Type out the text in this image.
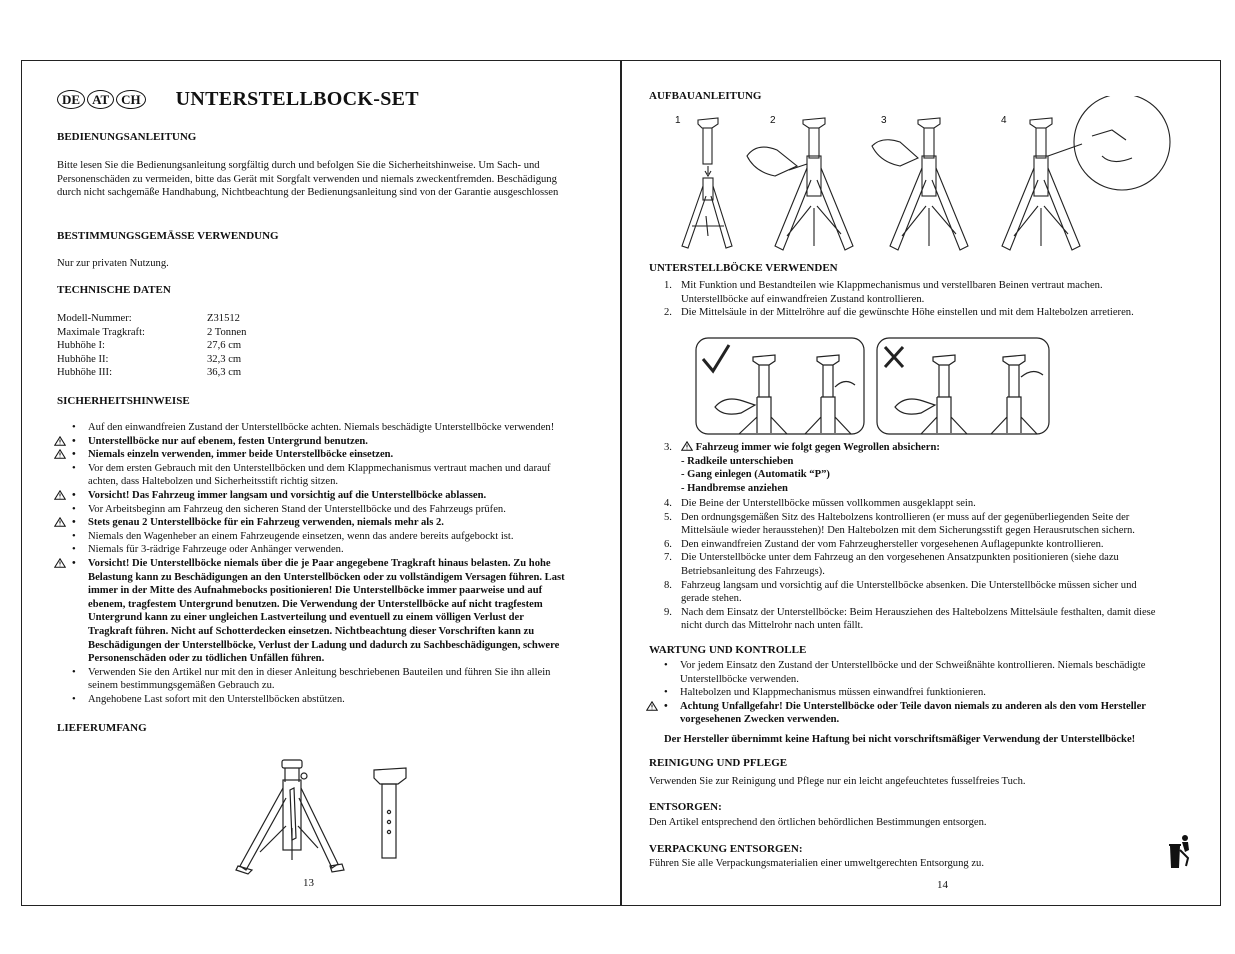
DE AT CH UNTERSTELLBOCK-SET
BEDIENUNGSANLEITUNG
Bitte lesen Sie die Bedienungsanleitung sorgfältig durch und befolgen Sie die Sicherheitshinweise. Um Sach- und
Personenschäden zu vermeiden, bitte das Gerät mit Sorgfalt verwenden und niemals zweckentfremden. Beschädigung
durch nicht sachgemäße Handhabung, Nichtbeachtung der Bedienungsanleitung sind von der Garantie ausgeschlossen
BESTIMMUNGSGEMÄSSE VERWENDUNG
Nur zur privaten Nutzung.
TECHNISCHE DATEN
Modell-Nummer:	Z31512
Maximale Tragkraft:	2 Tonnen
Hubhöhe I:	27,6 cm
Hubhöhe II:	32,3 cm
Hubhöhe III:	36,3 cm
SICHERHEITSHINWEISE
• Auf den einwandfreien Zustand der Unterstellböcke achten. Niemals beschädigte Unterstellböcke verwenden!
• Unterstellböcke nur auf ebenem, festen Untergrund benutzen.
• Niemals einzeln verwenden, immer beide Unterstellböcke einsetzen.
• Vor dem ersten Gebrauch mit den Unterstellböcken und dem Klappmechanismus vertraut machen und darauf
achten, dass Haltebolzen und Sicherheitsstift richtig sitzen.
• Vorsicht! Das Fahrzeug immer langsam und vorsichtig auf die Unterstellböcke ablassen.
• Vor Arbeitsbeginn am Fahrzeug den sicheren Stand der Unterstellböcke und des Fahrzeugs prüfen.
• Stets genau 2 Unterstellböcke für ein Fahrzeug verwenden, niemals mehr als 2.
• Niemals den Wagenheber an einem Fahrzeugende einsetzen, wenn das andere bereits aufgebockt ist.
• Niemals für 3-rädrige Fahrzeuge oder Anhänger verwenden.
• Vorsicht! Die Unterstellböcke niemals über die je Paar angegebene Tragkraft hinaus belasten. Zu hohe
Belastung kann zu Beschädigungen an den Unterstellböcken oder zu vollständigem Versagen führen. Last
immer in der Mitte des Aufnahmebocks positionieren! Die Unterstellböcke immer paarweise und auf
ebenem, tragfestem Untergrund benutzen. Die Verwendung der Unterstellböcke auf nicht tragfestem
Untergrund kann zu einer ungleichen Lastverteilung und eventuell zu einem völligen Verlust der
Tragkraft führen. Nicht auf Schotterdecken einsetzen. Nichtbeachtung dieser Vorschriften kann zu
Beschädigungen der Unterstellböcke, Verlust der Ladung und dadurch zu Sachbeschädigungen, schwere
Personenschäden oder zu tödlichen Unfällen führen.
• Verwenden Sie den Artikel nur mit den in dieser Anleitung beschriebenen Bauteilen und führen Sie ihn allein
seinem bestimmungsgemäßen Gebrauch zu.
• Angehobene Last sofort mit den Unterstellböcken abstützen.
LIEFERUMFANG
13
AUFBAUANLEITUNG
1	2	3	4
UNTERSTELLBÖCKE VERWENDEN
1. Mit Funktion und Bestandteilen wie Klappmechanismus und verstellbaren Beinen vertraut machen.
Unterstellböcke auf einwandfreien Zustand kontrollieren.
2. Die Mittelsäule in der Mittelröhre auf die gewünschte Höhe einstellen und mit dem Haltebolzen arretieren.
3. Fahrzeug immer wie folgt gegen Wegrollen absichern:
- Radkeile unterschieben
- Gang einlegen (Automatik “P”)
- Handbremse anziehen
4. Die Beine der Unterstellböcke müssen vollkommen ausgeklappt sein.
5. Den ordnungsgemäßen Sitz des Haltebolzens kontrollieren (er muss auf der gegenüberliegenden Seite der
Mittelsäule wieder herausstehen)! Den Haltebolzen mit dem Sicherungsstift gegen Herausrutschen sichern.
6. Den einwandfreien Zustand der vom Fahrzeughersteller vorgesehenen Auflagepunkte kontrollieren.
7. Die Unterstellböcke unter dem Fahrzeug an den vorgesehenen Ansatzpunkten positionieren (siehe dazu
Betriebsanleitung des Fahrzeugs).
8. Fahrzeug langsam und vorsichtig auf die Unterstellböcke absenken. Die Unterstellböcke müssen sicher und
gerade stehen.
9. Nach dem Einsatz der Unterstellböcke: Beim Herausziehen des Haltebolzens Mittelsäule festhalten, damit diese
nicht durch das Mittelrohr nach unten fällt.
WARTUNG UND KONTROLLE
• Vor jedem Einsatz den Zustand der Unterstellböcke und der Schweißnähte kontrollieren. Niemals beschädigte
Unterstellböcke verwenden.
• Haltebolzen und Klappmechanismus müssen einwandfrei funktionieren.
• Achtung Unfallgefahr! Die Unterstellböcke oder Teile davon niemals zu anderen als den vom Hersteller
vorgesehenen Zwecken verwenden.
Der Hersteller übernimmt keine Haftung bei nicht vorschriftsmäßiger Verwendung der Unterstellböcke!
REINIGUNG UND PFLEGE
Verwenden Sie zur Reinigung und Pflege nur ein leicht angefeuchtetes fusselfreies Tuch.
ENTSORGEN:
Den Artikel entsprechend den örtlichen behördlichen Bestimmungen entsorgen.
VERPACKUNG ENTSORGEN:
Führen Sie alle Verpackungsmaterialien einer umweltgerechten Entsorgung zu.
14
